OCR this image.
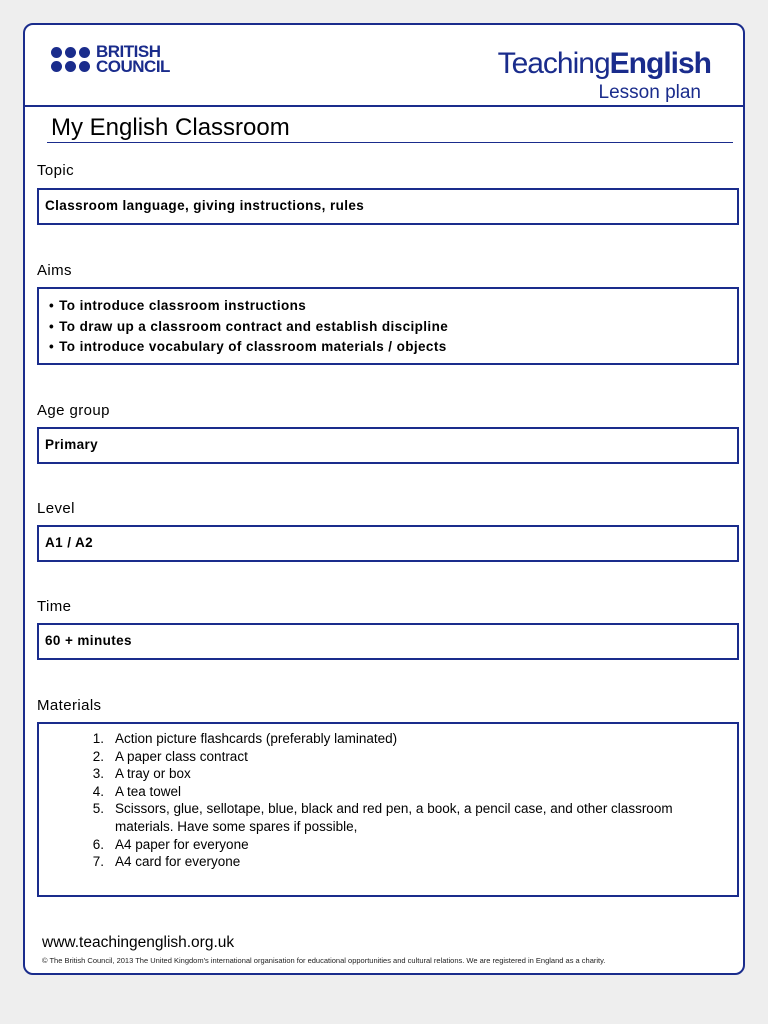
BRITISH
COUNCIL	TeachingEnglish
Lesson plan
My English Classroom
Topic
Classroom language, giving instructions, rules
Aims
• To introduce classroom instructions
• To draw up a classroom contract and establish discipline
• To introduce vocabulary of classroom materials / objects
Age group
Primary
Level
A1 / A2
Time
60 + minutes
Materials
1. Action picture flashcards (preferably laminated)
2. A paper class contract
3. A tray or box
4. A tea towel
5. Scissors, glue, sellotape, blue, black and red pen, a book, a pencil case, and other classroom materials. Have some spares if possible,
6. A4 paper for everyone
7. A4 card for everyone
www.teachingenglish.org.uk
© The British Council, 2013 The United Kingdom's international organisation for educational opportunities and cultural relations. We are registered in England as a charity.
